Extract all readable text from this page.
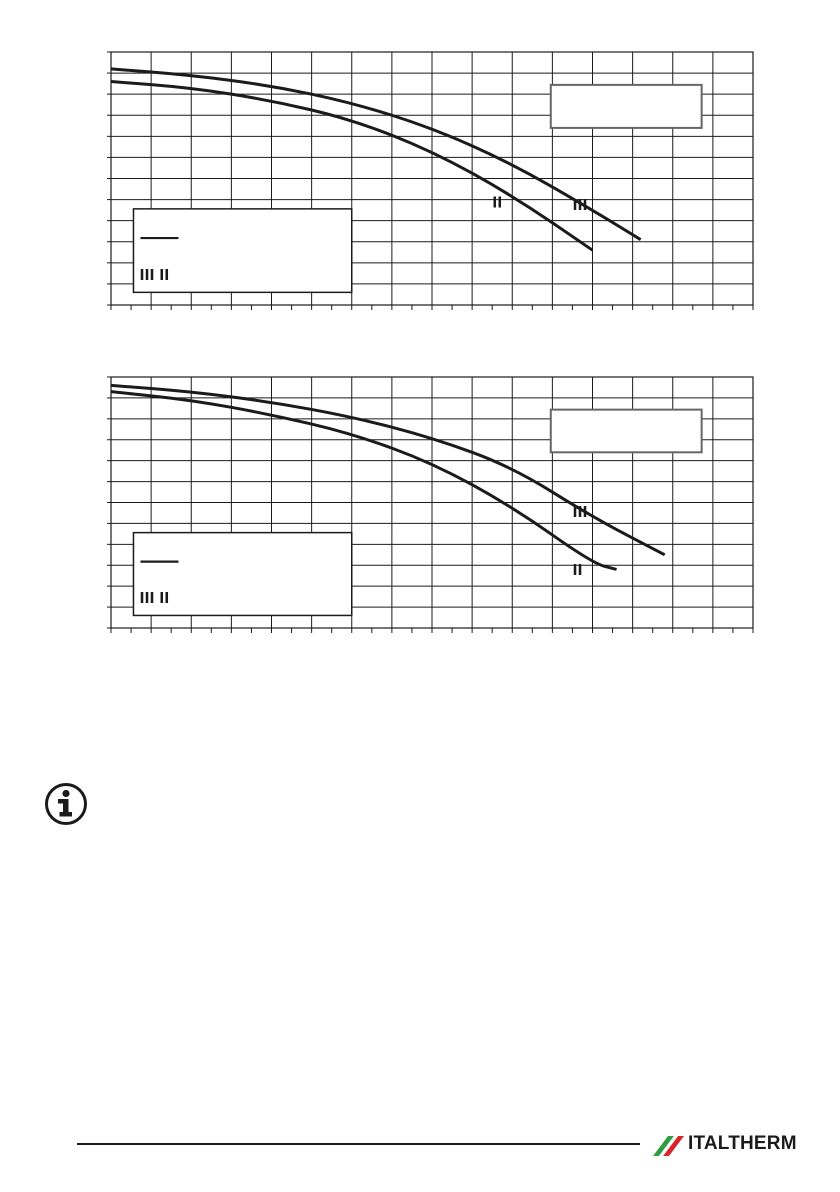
III II
III
II
III II
III
II
ITALTHERM
